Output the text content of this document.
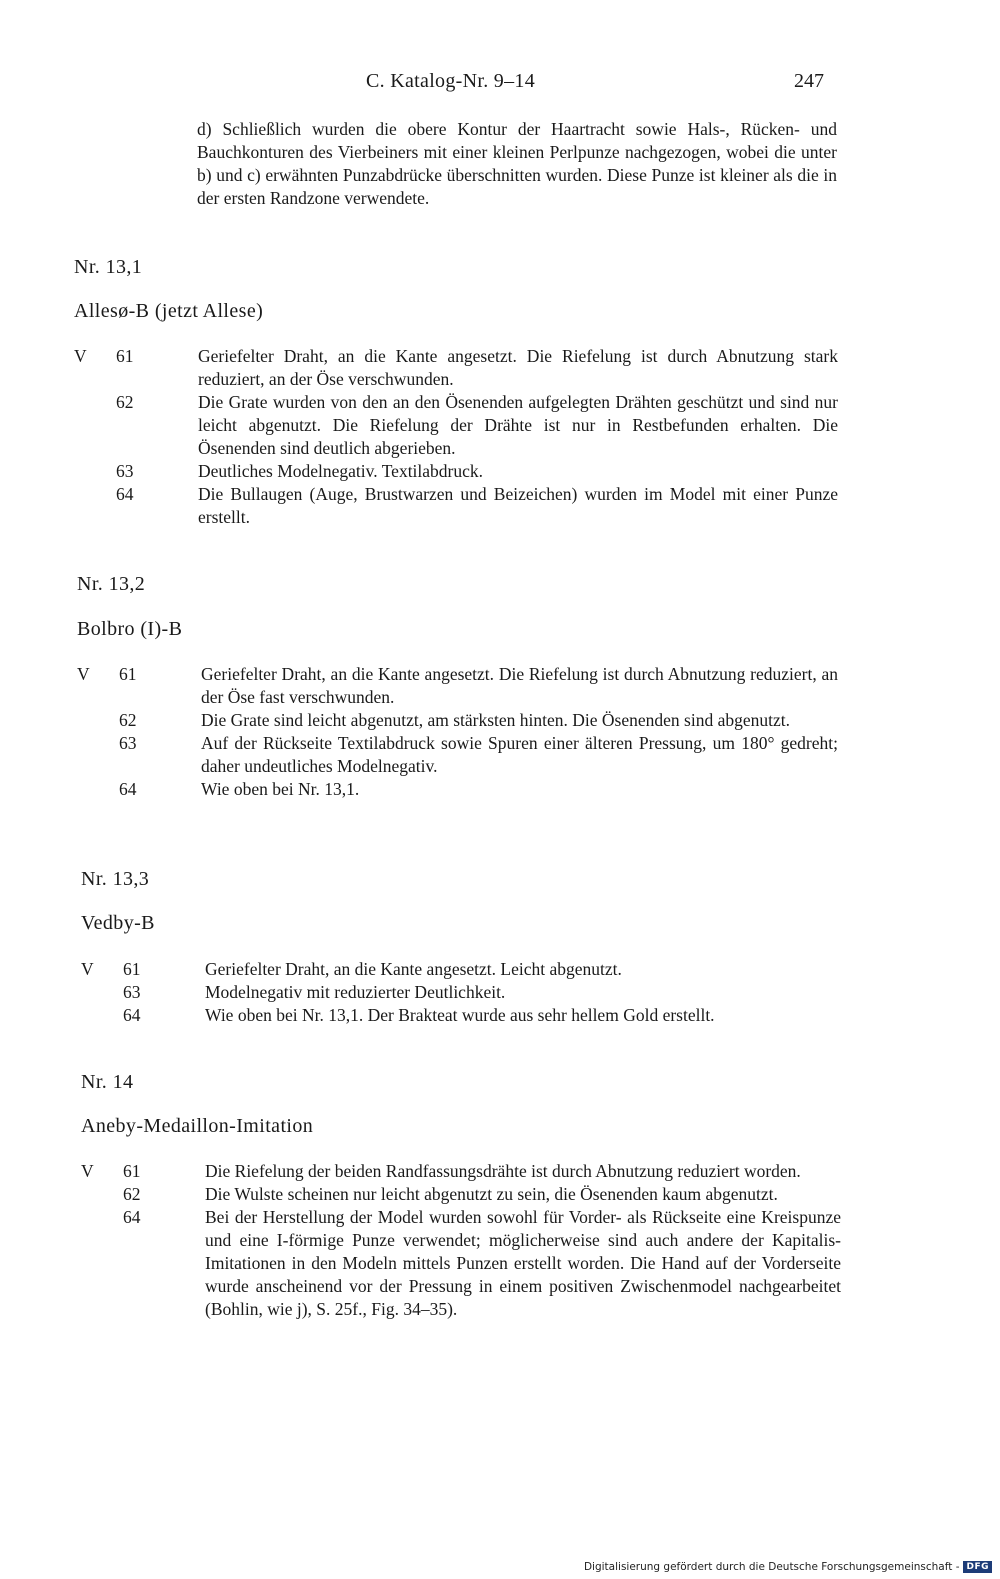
C. Katalog-Nr. 9–14	247

d) Schließlich wurden die obere Kontur der Haartracht sowie Hals-, Rücken- und Bauchkonturen des Vierbeiners mit einer kleinen Perlpunze nachgezogen, wobei die unter b) und c) erwähnten Punzabdrücke überschnitten wurden. Diese Punze ist kleiner als die in der ersten Randzone verwendete.

Nr. 13,1
Allesø-B (jetzt Allese)
V 61	Geriefelter Draht, an die Kante angesetzt. Die Riefelung ist durch Abnutzung stark reduziert, an der Öse verschwunden.
62	Die Grate wurden von den an den Ösenenden aufgelegten Drähten geschützt und sind nur leicht abgenutzt. Die Riefelung der Drähte ist nur in Restbefunden erhalten. Die Ösenenden sind deutlich abgerieben.
63	Deutliches Modelnegativ. Textilabdruck.
64	Die Bullaugen (Auge, Brustwarzen und Beizeichen) wurden im Model mit einer Punze erstellt.
Nr. 13,2
Bolbro (I)-B
V 61	Geriefelter Draht, an die Kante angesetzt. Die Riefelung ist durch Abnutzung reduziert, an der Öse fast verschwunden.
62	Die Grate sind leicht abgenutzt, am stärksten hinten. Die Ösenenden sind abgenutzt.
63	Auf der Rückseite Textilabdruck sowie Spuren einer älteren Pressung, um 180° gedreht; daher undeutliches Modelnegativ.
64	Wie oben bei Nr. 13,1.
Nr. 13,3
Vedby-B
V 61	Geriefelter Draht, an die Kante angesetzt. Leicht abgenutzt.
63	Modelnegativ mit reduzierter Deutlichkeit.
64	Wie oben bei Nr. 13,1. Der Brakteat wurde aus sehr hellem Gold erstellt.
Nr. 14
Aneby-Medaillon-Imitation
V 61	Die Riefelung der beiden Randfassungsdrähte ist durch Abnutzung reduziert worden.
62	Die Wulste scheinen nur leicht abgenutzt zu sein, die Ösenenden kaum abgenutzt.
64	Bei der Herstellung der Model wurden sowohl für Vorder- als Rückseite eine Kreispunze und eine I-förmige Punze verwendet; möglicherweise sind auch andere der Kapitalis-Imitationen in den Modeln mittels Punzen erstellt worden. Die Hand auf der Vorderseite wurde anscheinend vor der Pressung in einem positiven Zwischenmodel nachgearbeitet (Bohlin, wie j), S. 25f., Fig. 34–35).
Digitalisierung gefördert durch die Deutsche Forschungsgemeinschaft - DFG
